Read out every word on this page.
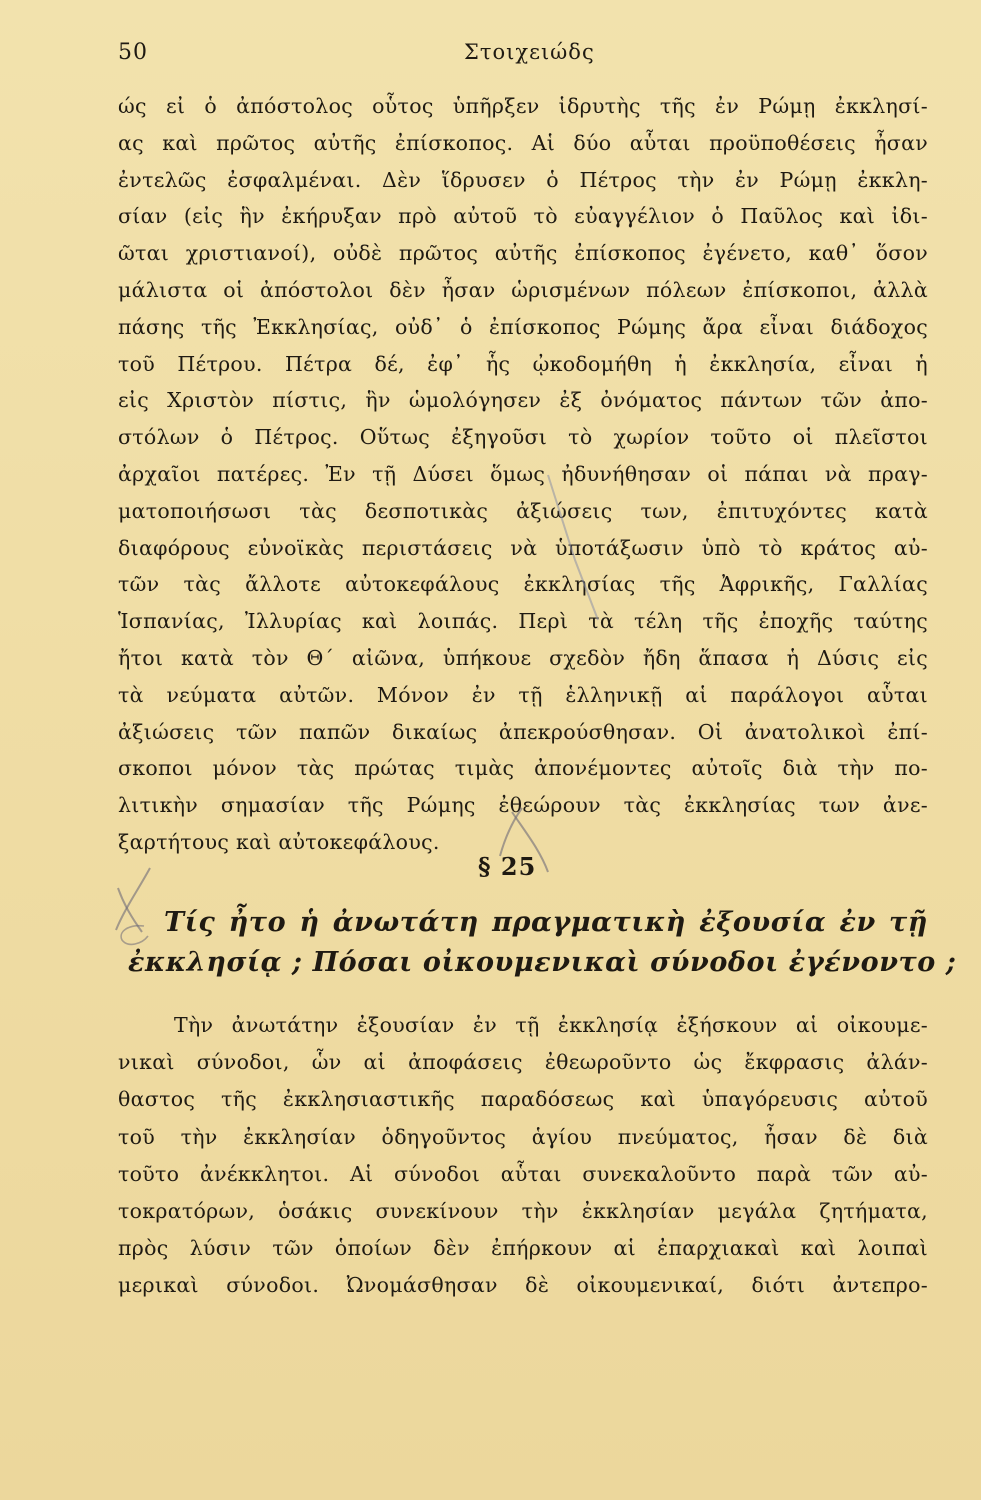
50	Στοιχειώδς
ώς εἰ ὁ ἀπόστολος οὗτος ὑπῆρξεν ἱδρυτὴς τῆς ἐν Ρώμῃ ἐκκλησί-
ας καὶ πρῶτος αὐτῆς ἐπίσκοπος. Αἱ δύο αὗται προϋποθέσεις ἦσαν
ἐντελῶς ἐσφαλμέναι. Δὲν ἵδρυσεν ὁ Πέτρος τὴν ἐν Ρώμῃ ἐκκλη-
σίαν (εἰς ἣν ἐκήρυξαν πρὸ αὐτοῦ τὸ εὐαγγέλιον ὁ Παῦλος καὶ ἰδι-
ῶται χριστιανοί), οὐδὲ πρῶτος αὐτῆς ἐπίσκοπος ἐγένετο, καθ᾽ ὅσον
μάλιστα οἱ ἀπόστολοι δὲν ἦσαν ὡρισμένων πόλεων ἐπίσκοποι, ἀλλὰ
πάσης τῆς Ἐκκλησίας, οὐδ᾽ ὁ ἐπίσκοπος Ρώμης ἄρα εἶναι διάδοχος
τοῦ Πέτρου. Πέτρα δέ, ἐφ᾽ ἧς ᾠκοδομήθη ἡ ἐκκλησία, εἶναι ἡ
εἰς Χριστὸν πίστις, ἣν ὡμολόγησεν ἐξ ὀνόματος πάντων τῶν ἀπο-
στόλων ὁ Πέτρος. Οὕτως ἐξηγοῦσι τὸ χωρίον τοῦτο οἱ πλεῖστοι
ἀρχαῖοι πατέρες. Ἐν τῇ Δύσει ὅμως ἠδυνήθησαν οἱ πάπαι νὰ πραγ-
ματοποιήσωσι τὰς δεσποτικὰς ἀξιώσεις των, ἐπιτυχόντες κατὰ
διαφόρους εὐνοϊκὰς περιστάσεις νὰ ὑποτάξωσιν ὑπὸ τὸ κράτος αὐ-
τῶν τὰς ἄλλοτε αὐτοκεφάλους ἐκκλησίας τῆς Ἀφρικῆς, Γαλλίας
Ἱσπανίας, Ἰλλυρίας καὶ λοιπάς. Περὶ τὰ τέλη τῆς ἐποχῆς ταύτης
ἤτοι κατὰ τὸν Θ΄ αἰῶνα, ὑπήκουε σχεδὸν ἤδη ἅπασα ἡ Δύσις εἰς
τὰ νεύματα αὐτῶν. Μόνον ἐν τῇ ἑλληνικῇ αἱ παράλογοι αὗται
ἀξιώσεις τῶν παπῶν δικαίως ἀπεκρούσθησαν. Οἱ ἀνατολικοὶ ἐπί-
σκοποι μόνον τὰς πρώτας τιμὰς ἀπονέμοντες αὐτοῖς διὰ τὴν πο-
λιτικὴν σημασίαν τῆς Ρώμης ἐθεώρουν τὰς ἐκκλησίας των ἀνε-
ξαρτήτους καὶ αὐτοκεφάλους.
§ 25
Τίς ἦτο ἡ ἀνωτάτη πραγματικὴ ἐξουσία ἐν τῇ
ἐκκλησίᾳ ; Πόσαι οἰκουμενικαὶ σύνοδοι ἐγένοντο ;
Τὴν ἀνωτάτην ἐξουσίαν ἐν τῇ ἐκκλησίᾳ ἐξήσκουν αἱ οἰκουμε-
νικαὶ σύνοδοι, ὧν αἱ ἀποφάσεις ἐθεωροῦντο ὡς ἔκφρασις ἀλάν-
θαστος τῆς ἐκκλησιαστικῆς παραδόσεως καὶ ὑπαγόρευσις αὐτοῦ
τοῦ τὴν ἐκκλησίαν ὁδηγοῦντος ἁγίου πνεύματος, ἦσαν δὲ διὰ
τοῦτο ἀνέκκλητοι. Αἱ σύνοδοι αὗται συνεκαλοῦντο παρὰ τῶν αὐ-
τοκρατόρων, ὁσάκις συνεκίνουν τὴν ἐκκλησίαν μεγάλα ζητήματα,
πρὸς λύσιν τῶν ὁποίων δὲν ἐπήρκουν αἱ ἐπαρχιακαὶ καὶ λοιπαὶ
μερικαὶ σύνοδοι. Ὠνομάσθησαν δὲ οἰκουμενικαί, διότι ἀντεπρο-
